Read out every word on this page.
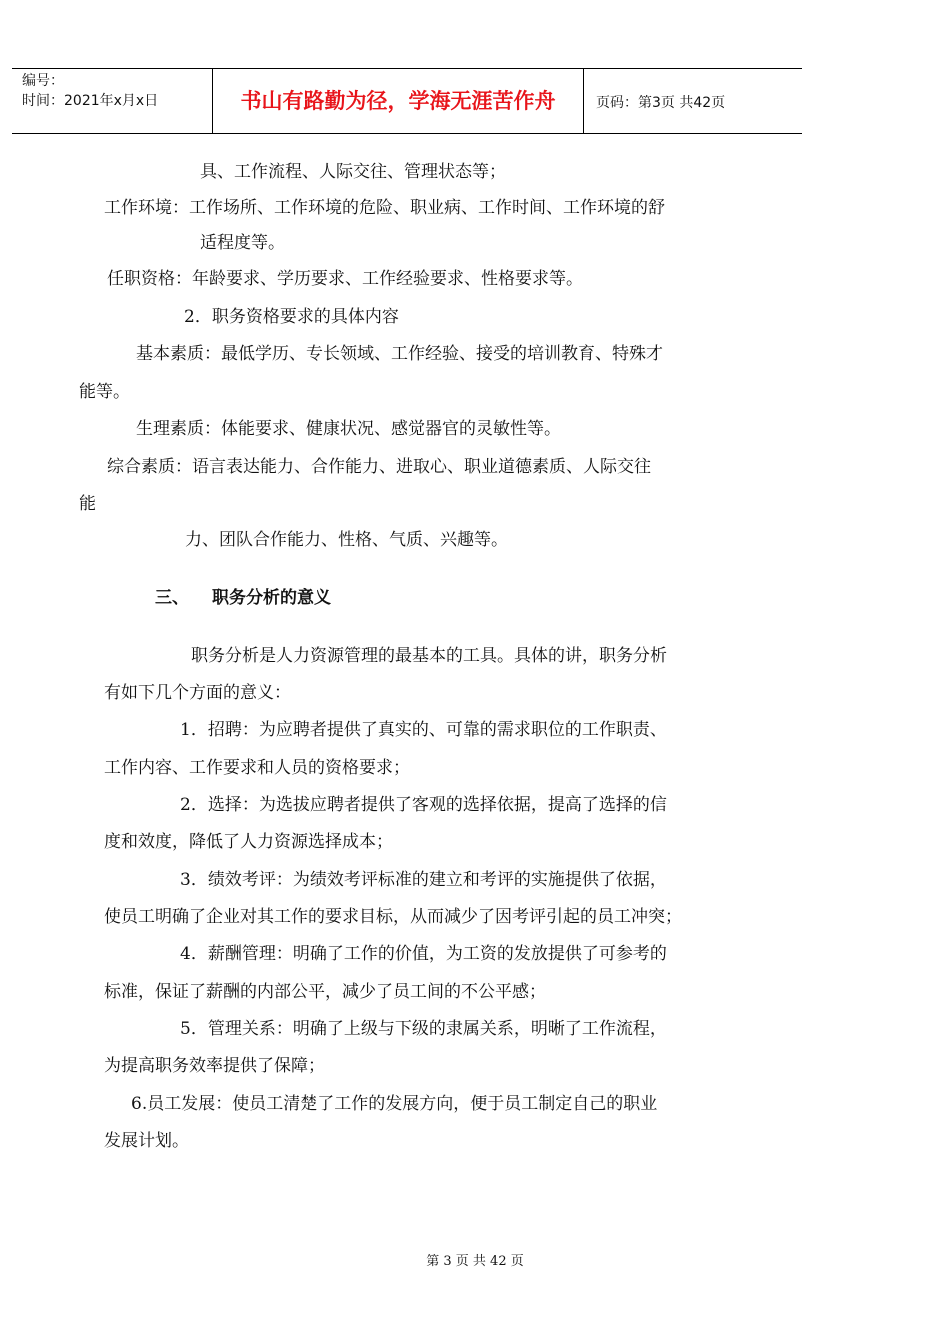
编号：
时间：2021年x月x日	书山有路勤为径，学海无涯苦作舟	页码：第3页 共42页
具、工作流程、人际交往、管理状态等；
工作环境：工作场所、工作环境的危险、职业病、工作时间、工作环境的舒
适程度等。
任职资格：年龄要求、学历要求、工作经验要求、性格要求等。
2．职务资格要求的具体内容
基本素质：最低学历、专长领域、工作经验、接受的培训教育、特殊才
能等。
生理素质：体能要求、健康状况、感觉器官的灵敏性等。
综合素质：语言表达能力、合作能力、进取心、职业道德素质、人际交往
能
力、团队合作能力、性格、气质、兴趣等。
三、 职务分析的意义
职务分析是人力资源管理的最基本的工具。具体的讲，职务分析
有如下几个方面的意义：
1．招聘：为应聘者提供了真实的、可靠的需求职位的工作职责、
工作内容、工作要求和人员的资格要求；
2．选择：为选拔应聘者提供了客观的选择依据，提高了选择的信
度和效度，降低了人力资源选择成本；
3．绩效考评：为绩效考评标准的建立和考评的实施提供了依据，
使员工明确了企业对其工作的要求目标，从而减少了因考评引起的员工冲突；
4．薪酬管理：明确了工作的价值，为工资的发放提供了可参考的
标准，保证了薪酬的内部公平，减少了员工间的不公平感；
5．管理关系：明确了上级与下级的隶属关系，明晰了工作流程，
为提高职务效率提供了保障；
6.员工发展：使员工清楚了工作的发展方向，便于员工制定自己的职业
发展计划。
第 3 页 共 42 页
